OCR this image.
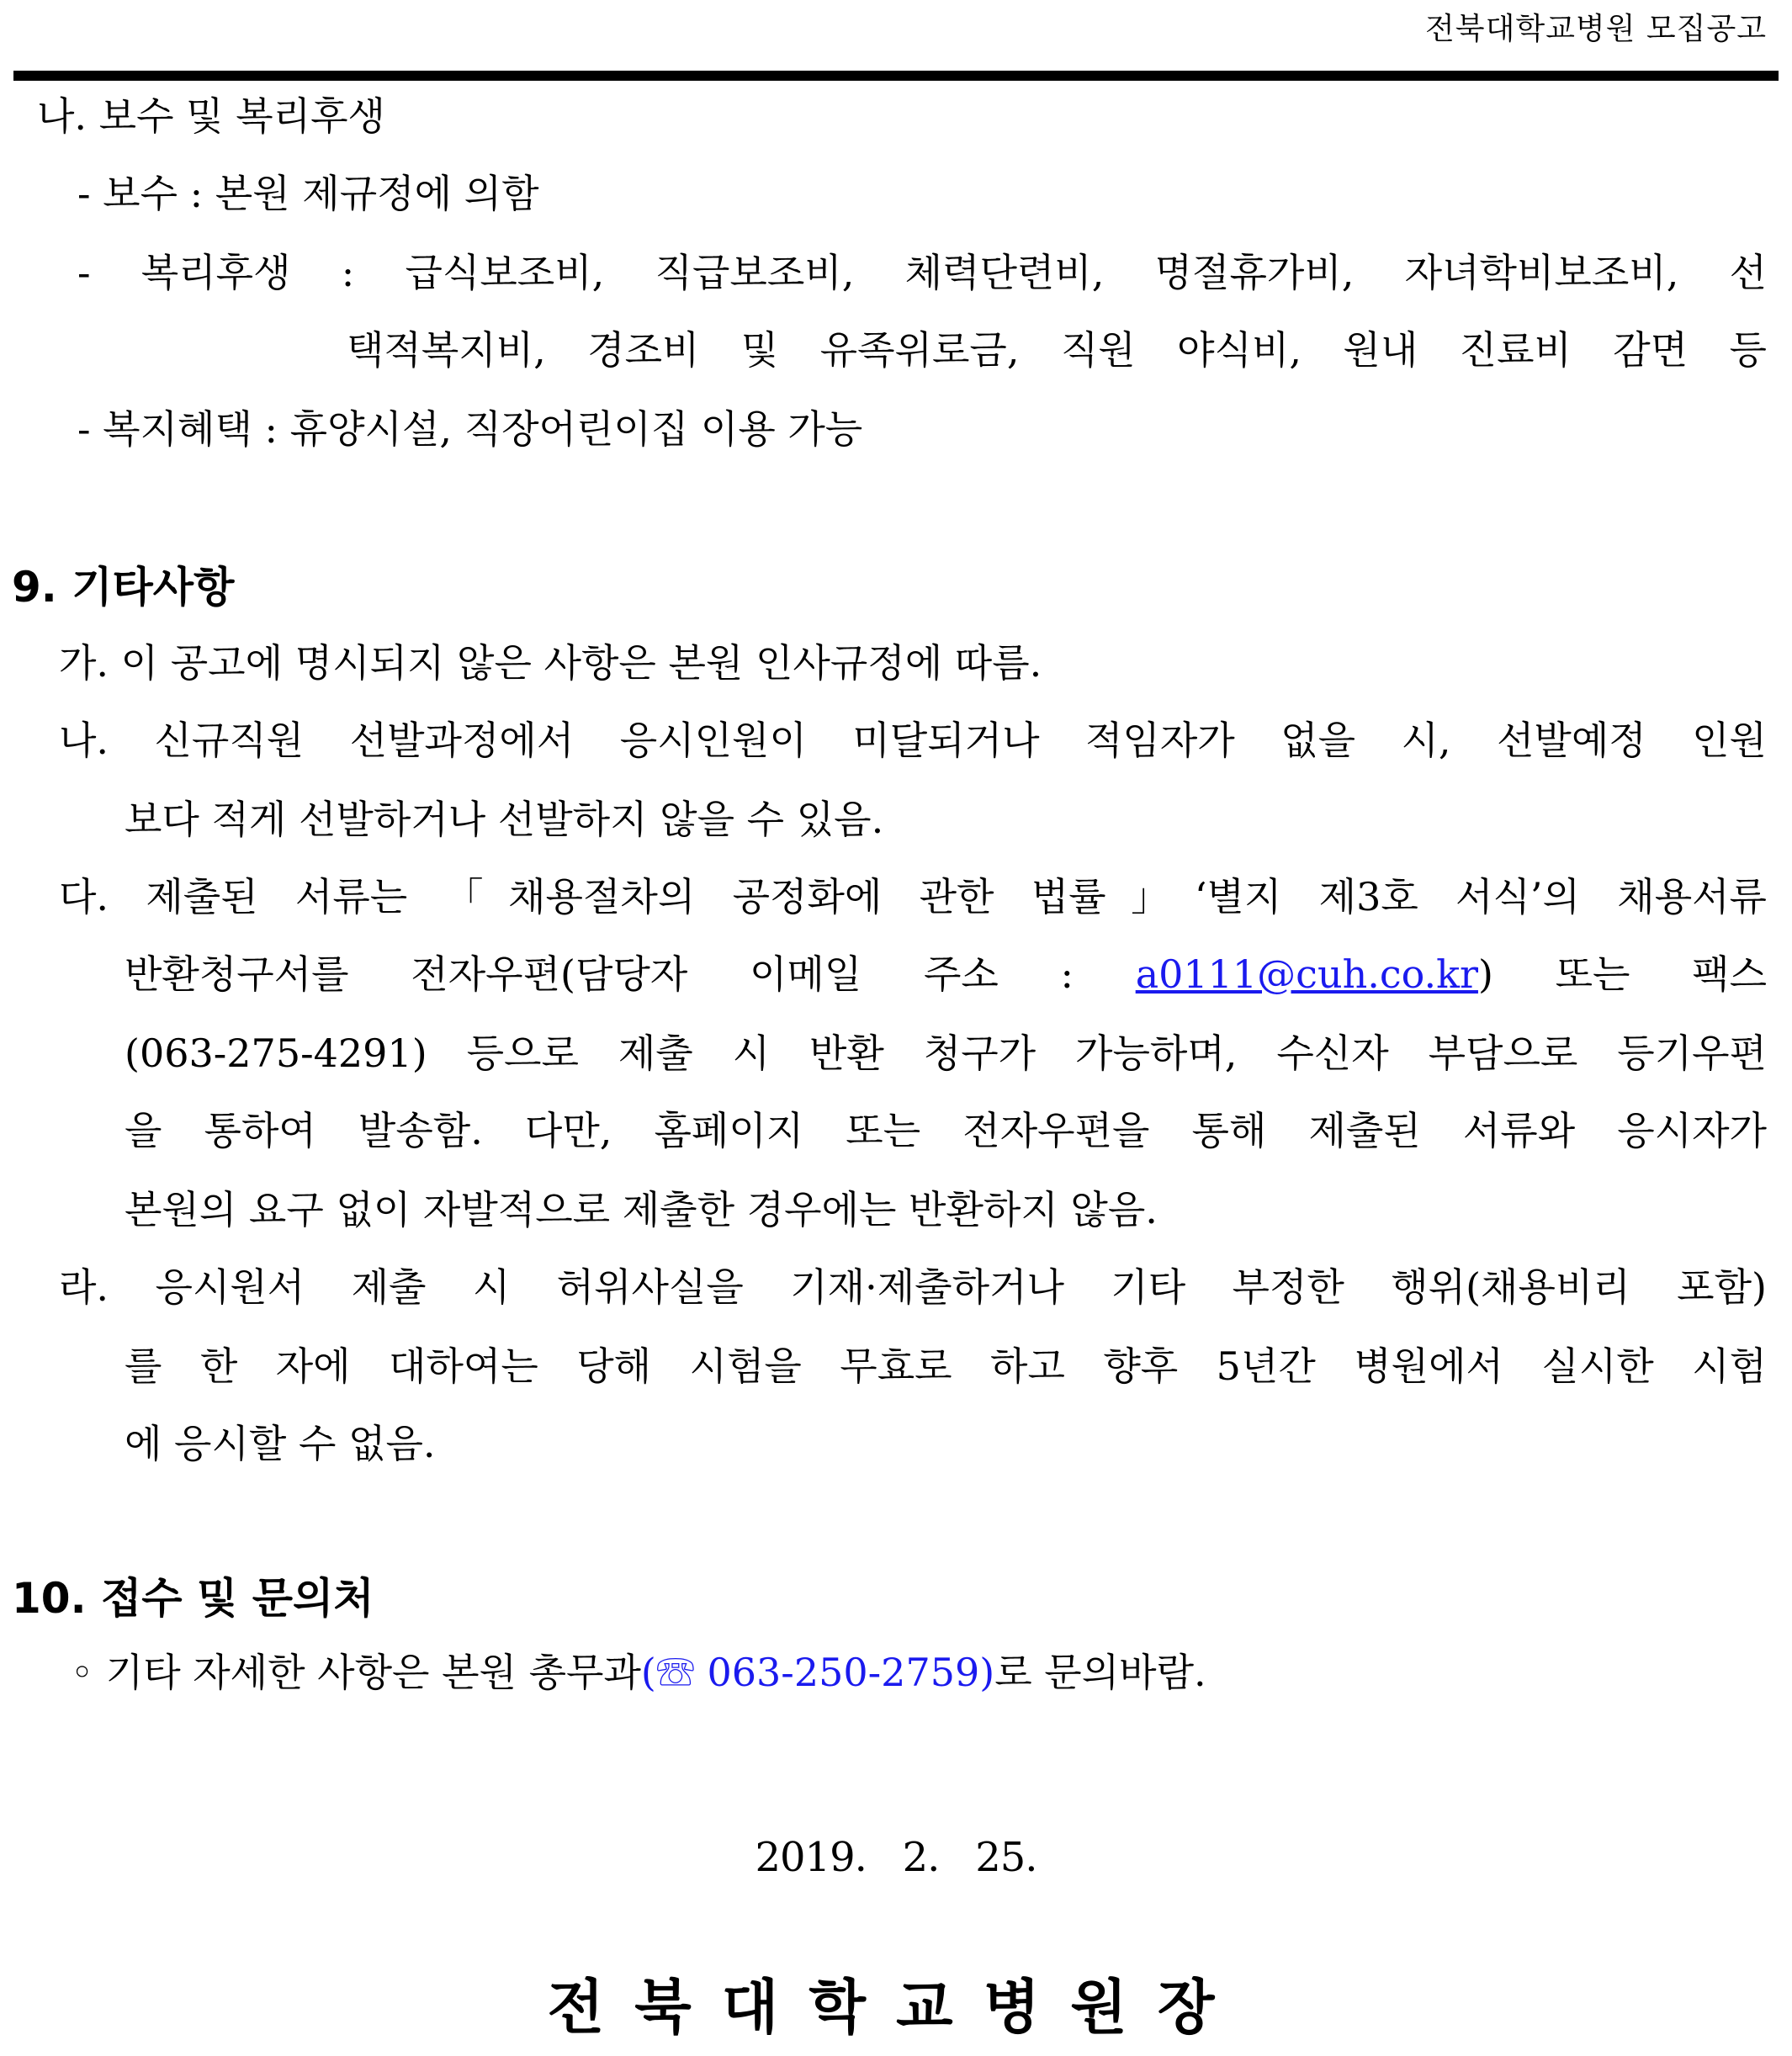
전북대학교병원 모집공고
나. 보수 및 복리후생
- 보수 : 본원 제규정에 의함
- 복리후생 : 급식보조비, 직급보조비, 체력단련비, 명절휴가비, 자녀학비보조비, 선
택적복지비, 경조비 및 유족위로금, 직원 야식비, 원내 진료비 감면 등
- 복지혜택 : 휴양시설, 직장어린이집 이용 가능
9. 기타사항
가. 이 공고에 명시되지 않은 사항은 본원 인사규정에 따름.
나. 신규직원 선발과정에서 응시인원이 미달되거나 적임자가 없을 시, 선발예정 인원
보다 적게 선발하거나 선발하지 않을 수 있음.
다. 제출된 서류는 「채용절차의 공정화에 관한 법률」‘별지 제3호 서식’의 채용서류
반환청구서를 전자우편(담당자 이메일 주소 : a0111@cuh.co.kr) 또는 팩스
(063-275-4291) 등으로 제출 시 반환 청구가 가능하며, 수신자 부담으로 등기우편
을 통하여 발송함. 다만, 홈페이지 또는 전자우편을 통해 제출된 서류와 응시자가
본원의 요구 없이 자발적으로 제출한 경우에는 반환하지 않음.
라. 응시원서 제출 시 허위사실을 기재·제출하거나 기타 부정한 행위(채용비리 포함)
를 한 자에 대하여는 당해 시험을 무효로 하고 향후 5년간 병원에서 실시한 시험
에 응시할 수 없음.
10. 접수 및 문의처
◦ 기타 자세한 사항은 본원 총무과(☏ 063-250-2759)로 문의바람.
2019.   2.   25.
전북대학교병원장
